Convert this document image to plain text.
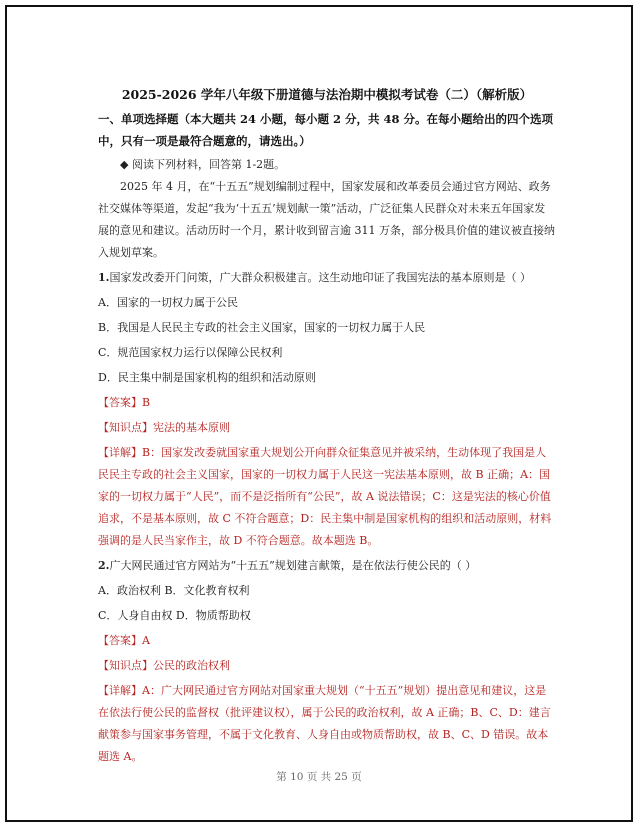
2025-2026 学年八年级下册道德与法治期中模拟考试卷（二）（解析版）
一、单项选择题（本大题共 24 小题，每小题 2 分，共 48 分。在每小题给出的四个选项中，只有一项是最符合题意的，请选出。）

◆ 阅读下列材料，回答第 1-2题。

2025 年 4 月，在“十五五”规划编制过程中，国家发展和改革委员会通过官方网站、政务社交媒体等渠道，发起“我为‘十五五’规划献一策”活动，广泛征集人民群众对未来五年国家发展的意见和建议。活动历时一个月，累计收到留言逾 311 万条，部分极具价值的建议被直接纳入规划草案。

1.国家发改委开门问策，广大群众积极建言。这生动地印证了我国宪法的基本原则是（ ）

A．国家的一切权力属于公民

B．我国是人民民主专政的社会主义国家，国家的一切权力属于人民

C．规范国家权力运行以保障公民权利

D．民主集中制是国家机构的组织和活动原则

【答案】B

【知识点】宪法的基本原则

【详解】B：国家发改委就国家重大规划公开向群众征集意见并被采纳，生动体现了我国是人民民主专政的社会主义国家，国家的一切权力属于人民这一宪法基本原则，故 B 正确；A：国家的一切权力属于“人民”，而不是泛指所有“公民”，故 A 说法错误；C：这是宪法的核心价值追求，不是基本原则，故 C 不符合题意；D：民主集中制是国家机构的组织和活动原则，材料强调的是人民当家作主，故 D 不符合题意。故本题选 B。

2.广大网民通过官方网站为“十五五”规划建言献策，是在依法行使公民的（ ）

A．政治权利 B．文化教育权利

C．人身自由权 D．物质帮助权

【答案】A

【知识点】公民的政治权利

【详解】A：广大网民通过官方网站对国家重大规划（“十五五”规划）提出意见和建议，这是在依法行使公民的监督权（批评建议权），属于公民的政治权利，故 A 正确；B、C、D：建言献策参与国家事务管理，不属于文化教育、人身自由或物质帮助权，故 B、C、D 错误。故本题选 A。

第 10 页 共 25 页
